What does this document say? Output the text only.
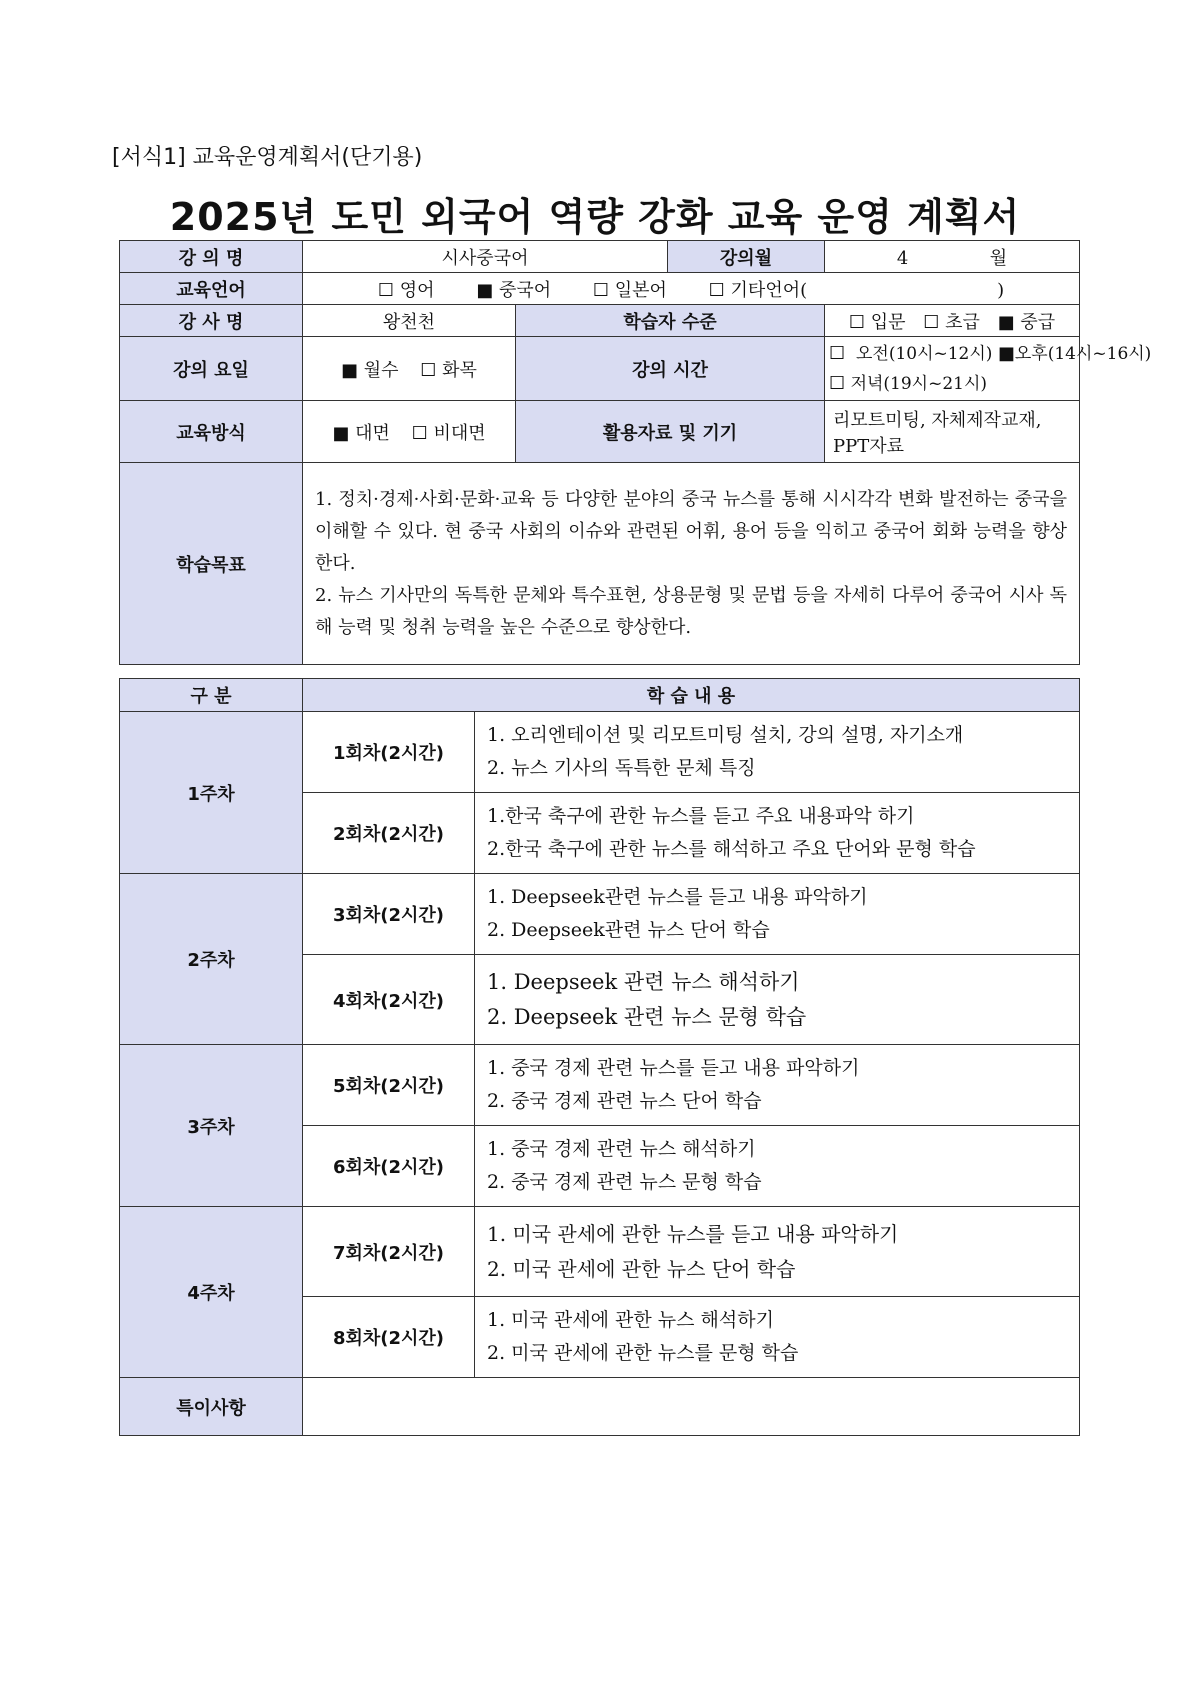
[서식1] 교육운영계획서(단기용)
2025년 도민 외국어 역량 강화 교육 운영 계획서
강 의 명	시사중국어		강의월	4 월
교육언어	☐ 영어 ■ 중국어 ☐ 일본어 ☐ 기타언어( )			
강 사 명	왕천천	학습자 수준		☐ 입문 ☐ 초급 ■ 중급
강의 요일	■ 월수 ☐ 화목	강의 시간		☐ 오전(10시~12시) ■오후(14시~16시)
☐ 저녁(19시~21시)
교육방식	■ 대면 ☐ 비대면	활용자료 및 기기		리모트미팅, 자체제작교재, PPT자료
학습목표	1. 정치·경제·사회·문화·교육 등 다양한 분야의 중국 뉴스를 통해 시시각각 변화 발전하는 중국을 이해할 수 있다. 현 중국 사회의 이슈와 관련된 어휘, 용어 등을 익히고 중국어 회화 능력을 향상한다.
2. 뉴스 기사만의 독특한 문체와 특수표현, 상용문형 및 문법 등을 자세히 다루어 중국어 시사 독해 능력 및 청취 능력을 높은 수준으로 향상한다.			
구 분	학 습 내 용	
1주차	1회차(2시간)	1. 오리엔테이션 및 리모트미팅 설치, 강의 설명, 자기소개
2. 뉴스 기사의 독특한 문체 특징

	2회차(2시간)	1.한국 축구에 관한 뉴스를 듣고 주요 내용파악 하기
2.한국 축구에 관한 뉴스를 해석하고 주요 단어와 문형 학습

2주차	3회차(2시간)	1. Deepseek관련 뉴스를 듣고 내용 파악하기
2. Deepseek관련 뉴스 단어 학습

	4회차(2시간)	1. Deepseek 관련 뉴스 해석하기
2. Deepseek 관련 뉴스 문형 학습

3주차	5회차(2시간)	1. 중국 경제 관련 뉴스를 듣고 내용 파악하기
2. 중국 경제 관련 뉴스 단어 학습

	6회차(2시간)	1. 중국 경제 관련 뉴스 해석하기
2. 중국 경제 관련 뉴스 문형 학습

4주차	7회차(2시간)	1. 미국 관세에 관한 뉴스를 듣고 내용 파악하기
2. 미국 관세에 관한 뉴스 단어 학습

	8회차(2시간)	1. 미국 관세에 관한 뉴스 해석하기
2. 미국 관세에 관한 뉴스를 문형 학습

특이사항		
